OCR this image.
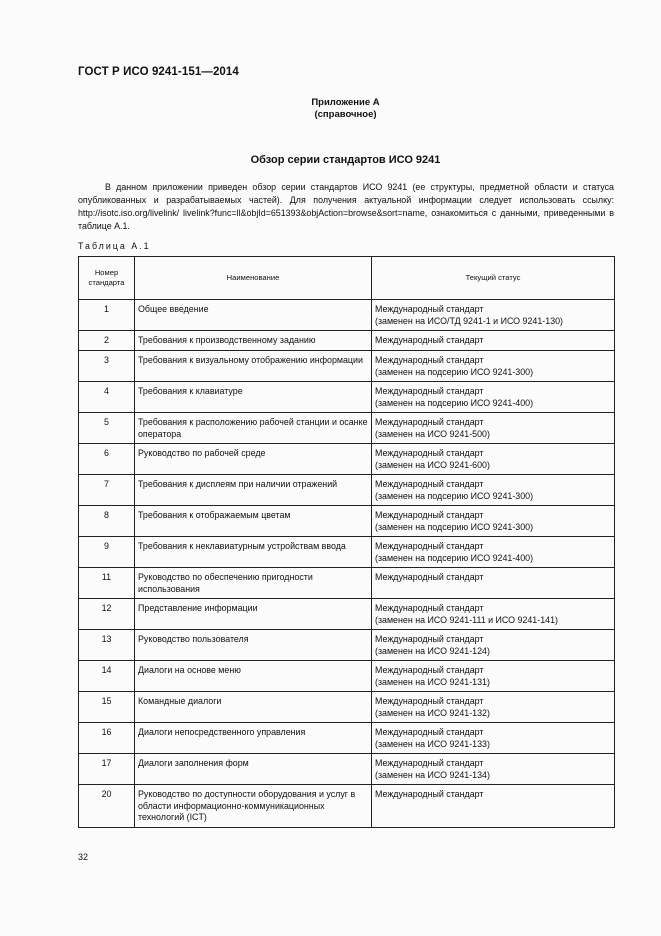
ГОСТ Р ИСО 9241-151—2014
Приложение A
(справочное)
Обзор серии стандартов ИСО 9241

В данном приложении приведен обзор серии стандартов ИСО 9241 (ее структуры, предметной области и статуса опубликованных и разрабатываемых частей). Для получения актуальной информации следует использовать ссылку: http://isotc.iso.org/livelink/ livelink?func=ll&objId=651393&objAction=browse&sort=name, ознакомиться с данными, приведенными в таблице А.1.

Таблица А.1
Номер стандарта	Наименование	Текущий статус
1	Общее введение	Международный стандарт
(заменен на ИСО/ТД 9241-1 и ИСО 9241-130)

2	Требования к производственному заданию	Международный стандарт

3	Требования к визуальному отображению информации	Международный стандарт
(заменен на подсерию ИСО 9241-300)

4	Требования к клавиатуре	Международный стандарт
(заменен на подсерию ИСО 9241-400)

5	Требования к расположению рабочей станции и осанке оператора	Международный стандарт
(заменен на ИСО 9241-500)

6	Руководство по рабочей среде	Международный стандарт
(заменен на ИСО 9241-600)

7	Требования к дисплеям при наличии отражений	Международный стандарт
(заменен на подсерию ИСО 9241-300)

8	Требования к отображаемым цветам	Международный стандарт
(заменен на подсерию ИСО 9241-300)

9	Требования к неклавиатурным устройствам ввода	Международный стандарт
(заменен на подсерию ИСО 9241-400)

11	Руководство по обеспечению пригодности использования	Международный стандарт

12	Представление информации	Международный стандарт
(заменен на ИСО 9241-111 и ИСО 9241-141)

13	Руководство пользователя	Международный стандарт
(заменен на ИСО 9241-124)

14	Диалоги на основе меню	Международный стандарт
(заменен на ИСО 9241-131)

15	Командные диалоги	Международный стандарт
(заменен на ИСО 9241-132)

16	Диалоги непосредственного управления	Международный стандарт
(заменен на ИСО 9241-133)

17	Диалоги заполнения форм	Международный стандарт
(заменен на ИСО 9241-134)

20	Руководство по доступности оборудования и услуг в области информационно-коммуникационных технологий (ICT)	Международный стандарт
32
